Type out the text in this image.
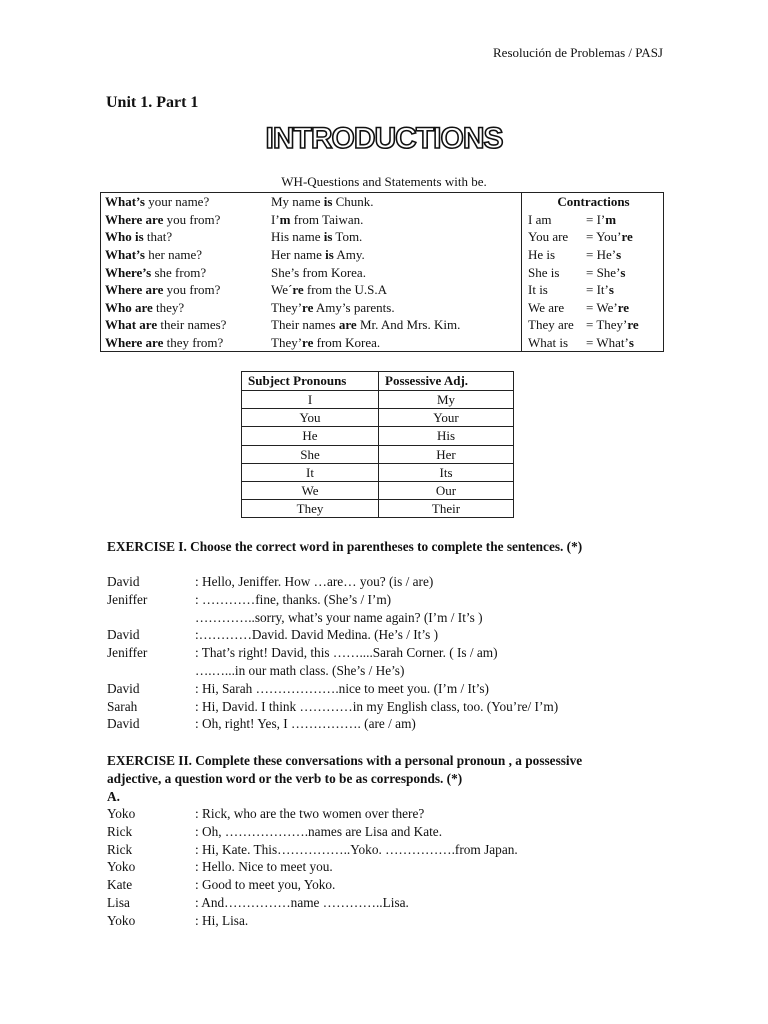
Resolución de Problemas / PASJ
Unit 1. Part 1
INTRODUCTIONS
WH-Questions and Statements with be.
What’s your name?	My name is Chunk.	Contractions
Where are you from?	I’m from Taiwan.	I am = I’m
Who is that?	His name is Tom.	You are = You’re
What’s her name?	Her name is Amy.	He is = He’s
Where’s she from?	She’s from Korea.	She is = She’s
Where are you from?	We´re from the U.S.A	It is = It’s
Who are they?	They’re Amy’s parents.	We are = We’re
What are their names?	Their names are Mr. And Mrs. Kim.	They are = They’re
Where are they from?	They’re from Korea.	What is = What’s
Subject Pronouns	Possessive Adj.
I	My
You	Your
He	His
She	Her
It	Its
We	Our
They	Their
EXERCISE I. Choose the correct word in parentheses to complete the sentences. (*)
David	: Hello, Jeniffer. How …are… you? (is / are)
Jeniffer	: …………fine, thanks. (She’s / I’m)
…………..sorry, what’s your name again? (I’m / It’s )
David	:…………David. David Medina. (He’s / It’s )
Jeniffer	: That’s right! David, this ……....Sarah Corner. ( Is / am)
….…...in our math class. (She’s / He’s)
David	: Hi, Sarah ……………….nice to meet you. (I’m / It’s)
Sarah	: Hi, David. I think …………in my English class, too. (You’re/ I’m)
David	: Oh, right! Yes, I ……………. (are / am)
EXERCISE II. Complete these conversations with a personal pronoun , a possessive
adjective, a question word or the verb to be as corresponds. (*)
A.
Yoko	: Rick, who are the two women over there?
Rick	: Oh, ……………….names are Lisa and Kate.
Rick	: Hi, Kate. This……………..Yoko. …………….from Japan.
Yoko	: Hello. Nice to meet you.
Kate	: Good to meet you, Yoko.
Lisa	: And……………name …………..Lisa.
Yoko	: Hi, Lisa.
